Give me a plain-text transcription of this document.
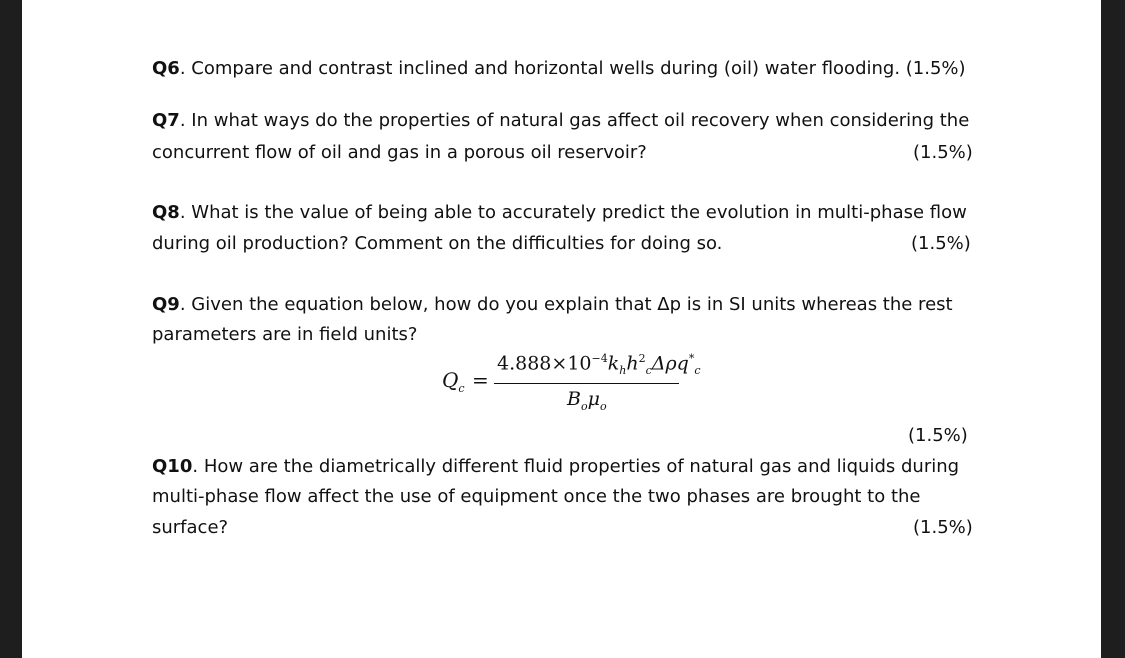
Q6. Compare and contrast inclined and horizontal wells during (oil) water flooding. (1.5%)
Q7. In what ways do the properties of natural gas affect oil recovery when considering the
concurrent flow of oil and gas in a porous oil reservoir?	(1.5%)
Q8. What is the value of being able to accurately predict the evolution in multi-phase flow
during oil production? Comment on the difficulties for doing so.	(1.5%)
Q9. Given the equation below, how do you explain that Δp is in SI units whereas the rest
parameters are in field units?
$Q_c$ =
$4.888\times 10^{-4}k_hh^2_c\Delta\rho q^*_c$
$B_o\mu_o$
(1.5%)
Q10. How are the diametrically different fluid properties of natural gas and liquids during
multi-phase flow affect the use of equipment once the two phases are brought to the
surface?	(1.5%)
